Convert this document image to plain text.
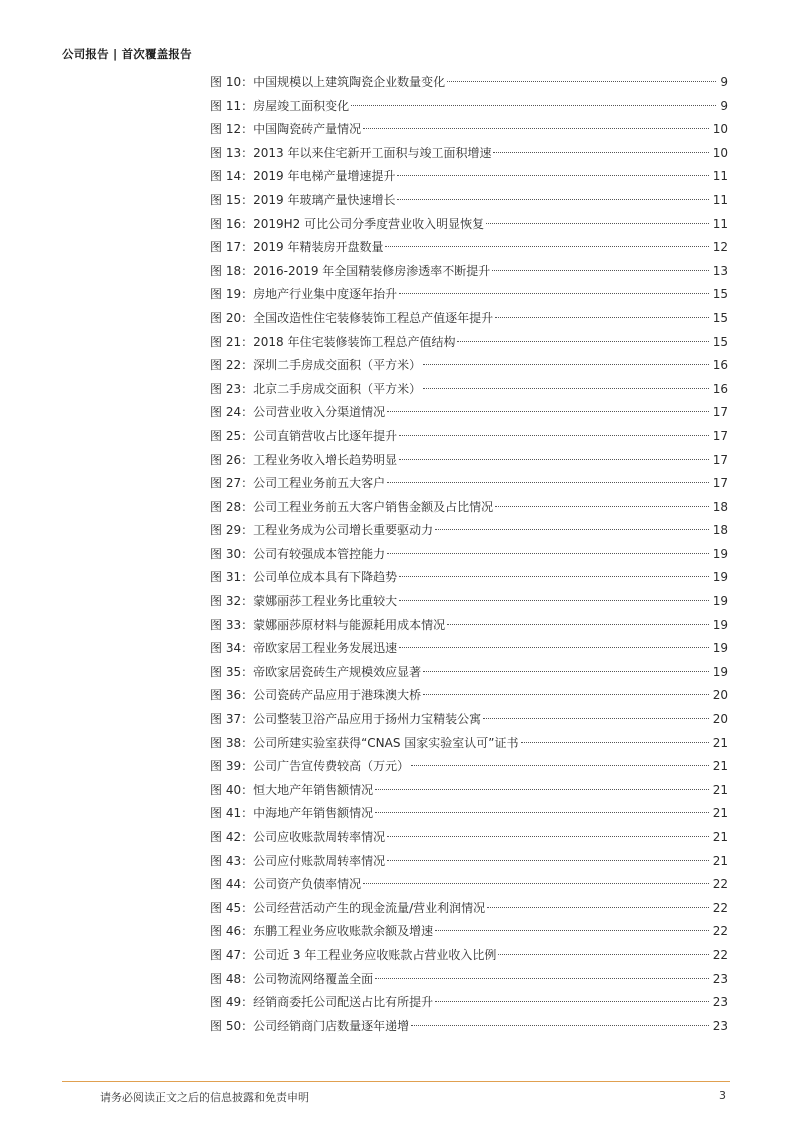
公司报告 | 首次覆盖报告
图 10：中国规模以上建筑陶瓷企业数量变化	9
图 11：房屋竣工面积变化	9
图 12：中国陶瓷砖产量情况	10
图 13：2013 年以来住宅新开工面积与竣工面积增速	10
图 14：2019 年电梯产量增速提升	11
图 15：2019 年玻璃产量快速增长	11
图 16：2019H2 可比公司分季度营业收入明显恢复	11
图 17：2019 年精装房开盘数量	12
图 18：2016-2019 年全国精装修房渗透率不断提升	13
图 19：房地产行业集中度逐年抬升	15
图 20：全国改造性住宅装修装饰工程总产值逐年提升	15
图 21：2018 年住宅装修装饰工程总产值结构	15
图 22：深圳二手房成交面积（平方米）	16
图 23：北京二手房成交面积（平方米）	16
图 24：公司营业收入分渠道情况	17
图 25：公司直销营收占比逐年提升	17
图 26：工程业务收入增长趋势明显	17
图 27：公司工程业务前五大客户	17
图 28：公司工程业务前五大客户销售金额及占比情况	18
图 29：工程业务成为公司增长重要驱动力	18
图 30：公司有较强成本管控能力	19
图 31：公司单位成本具有下降趋势	19
图 32：蒙娜丽莎工程业务比重较大	19
图 33：蒙娜丽莎原材料与能源耗用成本情况	19
图 34：帝欧家居工程业务发展迅速	19
图 35：帝欧家居瓷砖生产规模效应显著	19
图 36：公司瓷砖产品应用于港珠澳大桥	20
图 37：公司整装卫浴产品应用于扬州力宝精装公寓	20
图 38：公司所建实验室获得“CNAS 国家实验室认可”证书	21
图 39：公司广告宣传费较高（万元）	21
图 40：恒大地产年销售额情况	21
图 41：中海地产年销售额情况	21
图 42：公司应收账款周转率情况	21
图 43：公司应付账款周转率情况	21
图 44：公司资产负债率情况	22
图 45：公司经营活动产生的现金流量/营业利润情况	22
图 46：东鹏工程业务应收账款余额及增速	22
图 47：公司近 3 年工程业务应收账款占营业收入比例	22
图 48：公司物流网络覆盖全面	23
图 49：经销商委托公司配送占比有所提升	23
图 50：公司经销商门店数量逐年递增	23
请务必阅读正文之后的信息披露和免责申明	3
